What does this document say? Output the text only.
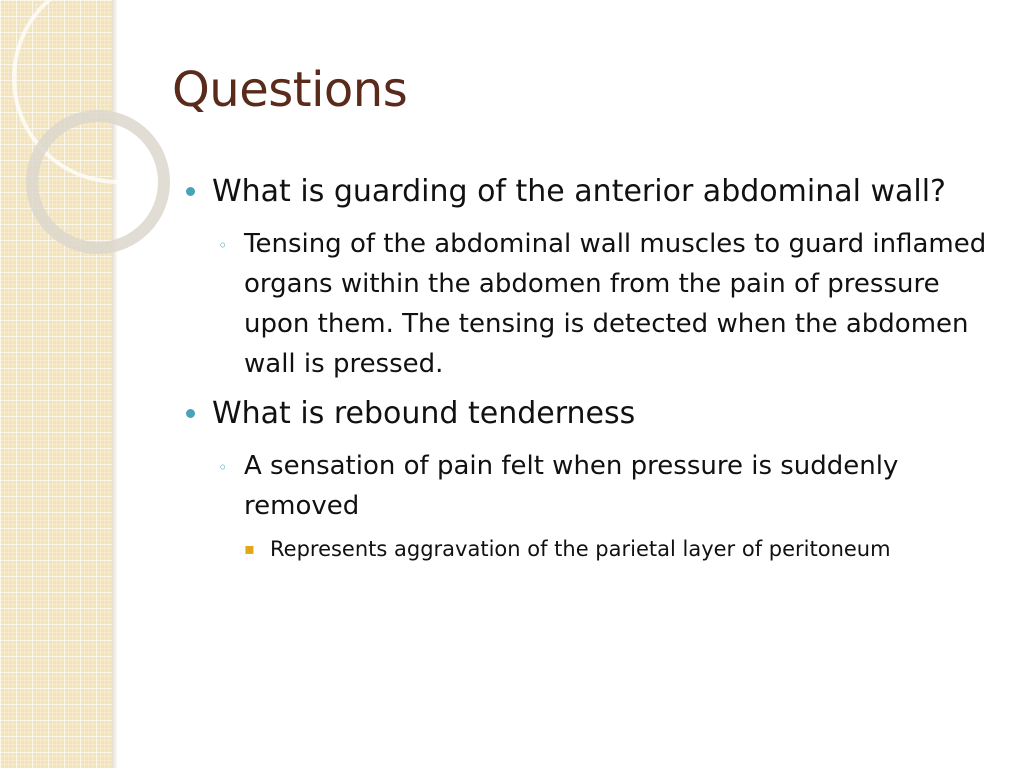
Questions
What is guarding of the anterior abdominal wall?
◦ Tensing of the abdominal wall muscles to guard inflamed organs within the abdomen from the pain of pressure upon them. The tensing is detected when the abdomen wall is pressed.
What is rebound tenderness
◦ A sensation of pain felt when pressure is suddenly removed
▪ Represents aggravation of the parietal layer of peritoneum
